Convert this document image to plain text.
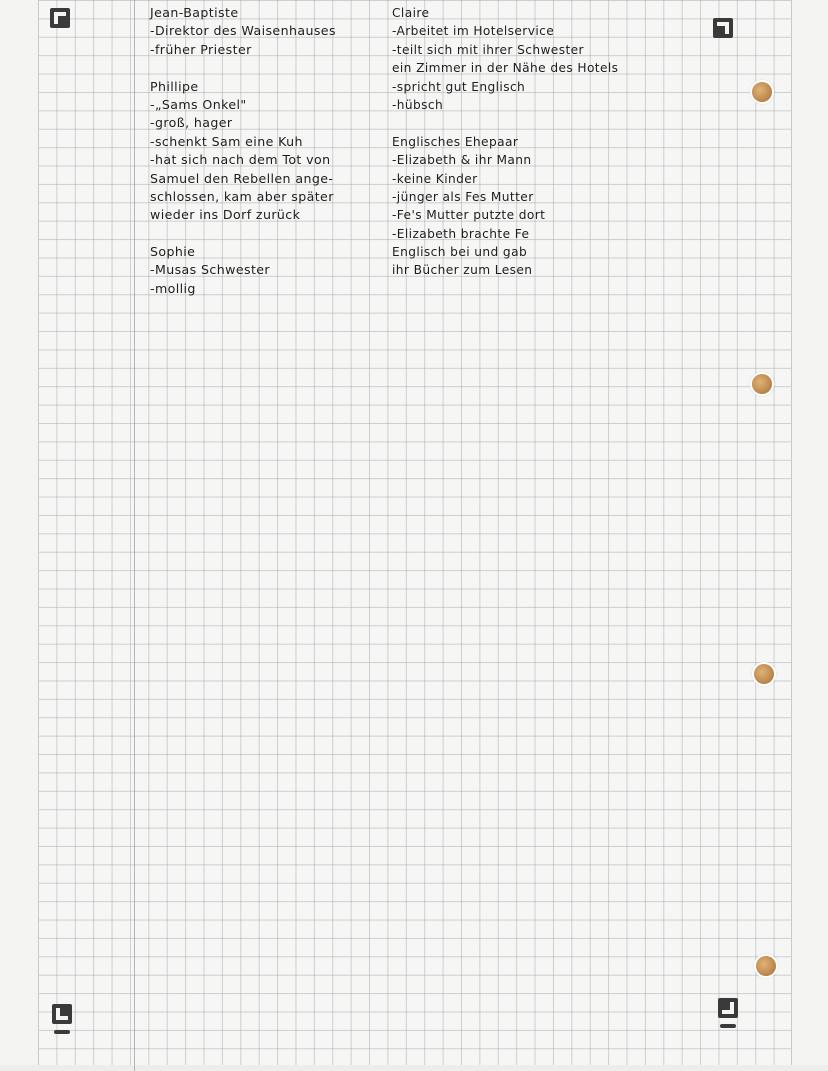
Jean-Baptiste
-Direktor des Waisenhauses
-früher Priester
Phillipe
-„Sams Onkel"
-groß, hager
-schenkt Sam eine Kuh
-hat sich nach dem Tot von
Samuel den Rebellen ange-
schlossen, kam aber später
wieder ins Dorf zurück
Sophie
-Musas Schwester
-mollig
Claire
-Arbeitet im Hotelservice
-teilt sich mit ihrer Schwester
ein Zimmer in der Nähe des Hotels
-spricht gut Englisch
-hübsch
Englisches Ehepaar
-Elizabeth & ihr Mann
-keine Kinder
-jünger als Fes Mutter
-Fe's Mutter putzte dort
-Elizabeth brachte Fe
Englisch bei und gab
ihr Bücher zum Lesen
